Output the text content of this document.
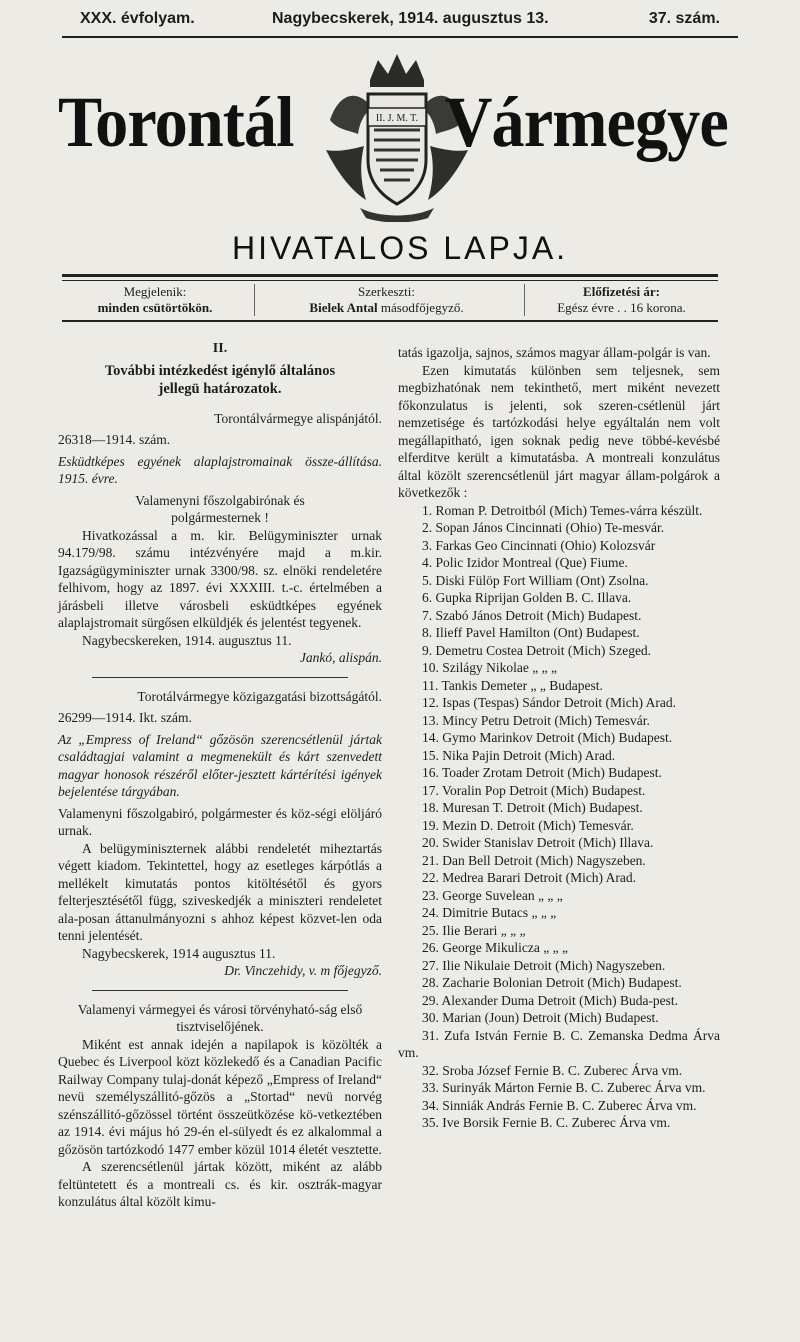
XXX. évfolyam.	Nagybecskerek, 1914. augusztus 13.	37. szám.
Torontál	II. J. M. T. Vármegye
HIVATALOS LAPJA.
Megjelenik:
minden csütörtökön.
Szerkeszti:
Bielek Antal másodfőjegyző.
Előfizetési ár:
Egész évre . . 16 korona.
II.
További intézkedést igénylő általános
jellegü határozatok.

Torontálvármegye alispánjától.

26318—1914. szám.

Esküdtképes egyének alaplajstromainak össze-állítása. 1915. évre.

Valamenyni főszolgabirónak és

polgármesternek !

Hivatkozással a m. kir. Belügyminiszter urnak 94.179/98. számu intézvényére majd a m.kir. Igazságügyminiszter urnak 3300/98. sz. elnöki rendeletére felhivom, hogy az 1897. évi XXXIII. t.-c. értelmében a járásbeli illetve városbeli esküdtképes egyének alaplajstromait sürgősen elküldjék és jelentést tegyenek.

Nagybecskereken, 1914. augusztus 11.

Jankó, alispán.

Torotálvármegye közigazgatási bizottságától.

26299—1914. Ikt. szám.

Az „Empress of Ireland“ gőzösön szerencsétlenül jártak családtagjai valamint a megmenekült és kárt szenvedett magyar honosok részéről előter-jesztett kártérítési igények bejelentése tárgyában.

Valamenyni főszolgabiró, polgármester és köz-ségi elöljáró urnak.

A belügyminiszternek alábbi rendeletét miheztartás végett kiadom. Tekintettel, hogy az esetleges kárpótlás a mellékelt kimutatás pontos kitöltésétől és gyors felterjesztésétől függ, sziveskedjék a miniszteri rendeletet ala-posan áttanulmányozni s ahhoz képest közvet-len oda tenni jelentését.

Nagybecskerek, 1914 augusztus 11.

Dr. Vinczehidy, v. m főjegyző.

Valamenyi vármegyei és városi törvényható-ság első tisztviselőjének.

Miként est annak idején a napilapok is közölték a Quebec és Liverpool közt közlekedő és a Canadian Pacific Railway Company tulaj-donát képező „Empress of Ireland“ nevü személyszállitó-gőzös a „Stortad“ nevü norvég szénszállitó-gőzössel történt összeütközése kö-vetkeztében az 1914. évi május hó 29-én el-sülyedt és ez alkalommal a gőzösön tartózkodó 1477 ember közül 1014 életét vesztette.

A szerencsétlenül jártak között, miként az alább feltüntetett és a montreali cs. és kir. osztrák-magyar konzulátus által közölt kimu-

tatás igazolja, sajnos, számos magyar állam-polgár is van.

Ezen kimutatás különben sem teljesnek, sem megbizhatónak nem tekinthető, mert miként nevezett főkonzulatus is jelenti, sok szeren-csétlenül járt nemzetisége és tartózkodási helye egyáltalán nem volt megállapitható, igen soknak pedig neve többé-kevésbé elferditve került a kimutatásba. A montreali konzulátus által közölt szerencsétlenül járt magyar állam-polgárok a következők :

1. Roman P. Detroitból (Mich) Temes-várra készült.

2. Sopan János Cincinnati (Ohio) Te-mesvár.

3. Farkas Geo Cincinnati (Ohio) Kolozsvár

4. Polic Izidor Montreal (Que) Fiume.

5. Diski Fülöp Fort William (Ont) Zsolna.

6. Gupka Riprijan Golden B. C. Illava.

7. Szabó János Detroit (Mich) Budapest.

8. Ilieff Pavel Hamilton (Ont) Budapest.

9. Demetru Costea Detroit (Mich) Szeged.

10. Szilágy Nikolae „ „ „

11. Tankis Demeter „ „ Budapest.

12. Ispas (Tespas) Sándor Detroit (Mich) Arad.

13. Mincy Petru Detroit (Mich) Temesvár.

14. Gymo Marinkov Detroit (Mich) Budapest.

15. Nika Pajin Detroit (Mich) Arad.

16. Toader Zrotam Detroit (Mich) Budapest.

17. Voralin Pop Detroit (Mich) Budapest.

18. Muresan T. Detroit (Mich) Budapest.

19. Mezin D. Detroit (Mich) Temesvár.

20. Swider Stanislav Detroit (Mich) Illava.

21. Dan Bell Detroit (Mich) Nagyszeben.

22. Medrea Barari Detroit (Mich) Arad.

23. George Suvelean „ „ „

24. Dimitrie Butacs „ „ „

25. Ilie Berari „ „ „

26. George Mikulicza „ „ „

27. Ilie Nikulaie Detroit (Mich) Nagyszeben.

28. Zacharie Bolonian Detroit (Mich) Budapest.

29. Alexander Duma Detroit (Mich) Buda-pest.

30. Marian (Joun) Detroit (Mich) Budapest.

31. Zufa István Fernie B. C. Zemanska Dedma Árva vm.

32. Sroba József Fernie B. C. Zuberec Árva vm.

33. Surinyák Márton Fernie B. C. Zuberec Árva vm.

34. Sinniák András Fernie B. C. Zuberec Árva vm.

35. Ive Borsik Fernie B. C. Zuberec Árva vm.
